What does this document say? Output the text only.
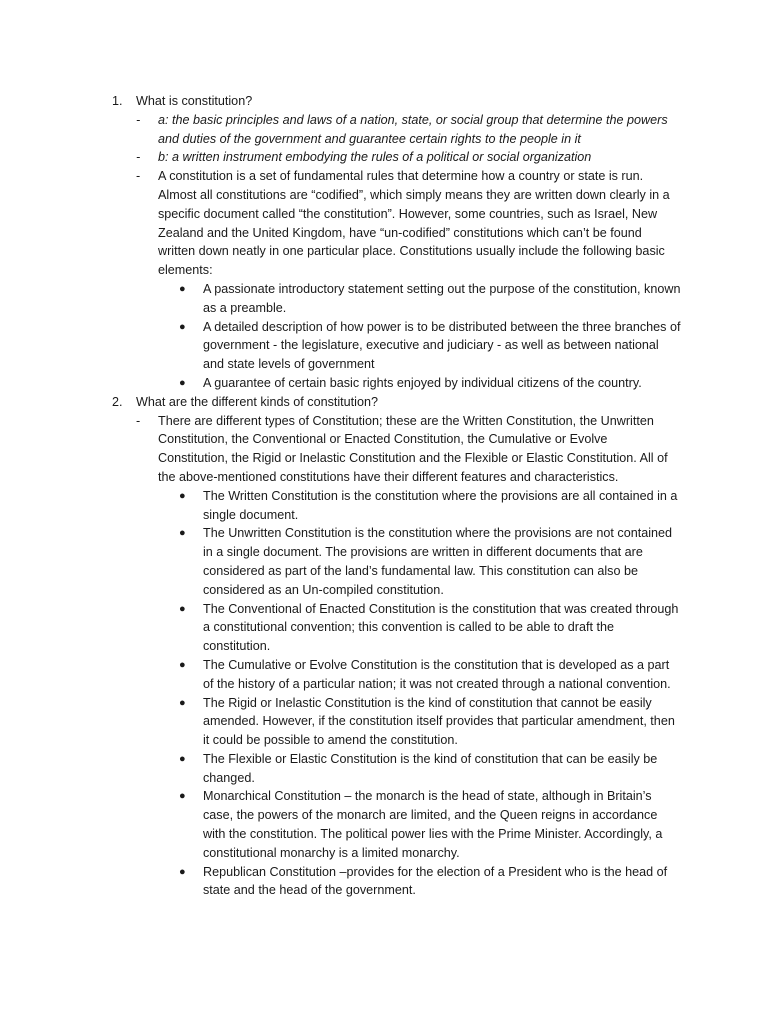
1. What is constitution?
- a: the basic principles and laws of a nation, state, or social group that determine the powers and duties of the government and guarantee certain rights to the people in it
- b: a written instrument embodying the rules of a political or social organization
- A constitution is a set of fundamental rules that determine how a country or state is run. Almost all constitutions are “codified”, which simply means they are written down clearly in a specific document called “the constitution”. However, some countries, such as Israel, New Zealand and the United Kingdom, have “un-codified” constitutions which can’t be found written down neatly in one particular place. Constitutions usually include the following basic elements:
● A passionate introductory statement setting out the purpose of the constitution, known as a preamble.
● A detailed description of how power is to be distributed between the three branches of government - the legislature, executive and judiciary - as well as between national and state levels of government
● A guarantee of certain basic rights enjoyed by individual citizens of the country.
2. What are the different kinds of constitution?
- There are different types of Constitution; these are the Written Constitution, the Unwritten Constitution, the Conventional or Enacted Constitution, the Cumulative or Evolve Constitution, the Rigid or Inelastic Constitution and the Flexible or Elastic Constitution. All of the above-mentioned constitutions have their different features and characteristics.
● The Written Constitution is the constitution where the provisions are all contained in a single document.
● The Unwritten Constitution is the constitution where the provisions are not contained in a single document. The provisions are written in different documents that are considered as part of the land’s fundamental law. This constitution can also be considered as an Un-compiled constitution.
● The Conventional of Enacted Constitution is the constitution that was created through a constitutional convention; this convention is called to be able to draft the constitution.
● The Cumulative or Evolve Constitution is the constitution that is developed as a part of the history of a particular nation; it was not created through a national convention.
● The Rigid or Inelastic Constitution is the kind of constitution that cannot be easily amended. However, if the constitution itself provides that particular amendment, then it could be possible to amend the constitution.
● The Flexible or Elastic Constitution is the kind of constitution that can be easily be changed.
● Monarchical Constitution – the monarch is the head of state, although in Britain’s case, the powers of the monarch are limited, and the Queen reigns in accordance with the constitution. The political power lies with the Prime Minister. Accordingly, a constitutional monarchy is a limited monarchy.
● Republican Constitution –provides for the election of a President who is the head of state and the head of the government.
